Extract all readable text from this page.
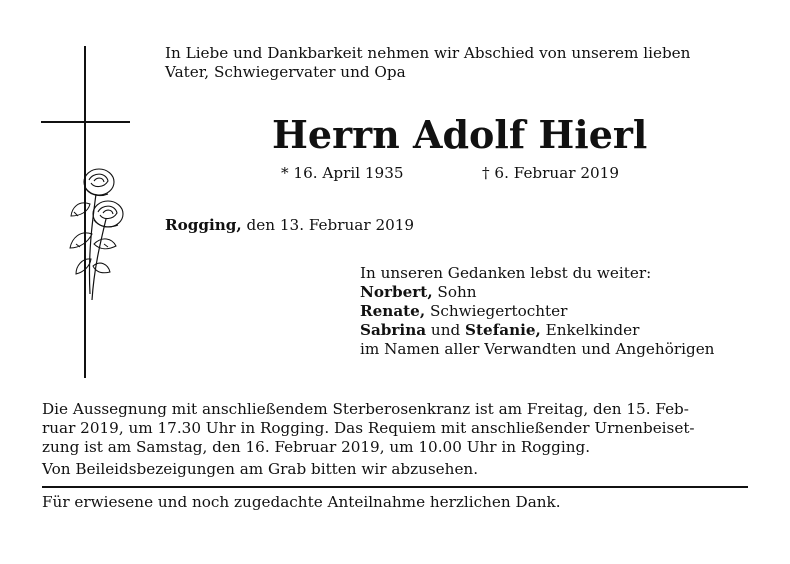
In Liebe und Dankbarkeit nehmen wir Abschied von unserem lieben
Vater, Schwiegervater und Opa
Herrn Adolf Hierl
* 16. April 1935	† 6. Februar 2019
Rogging, den 13. Februar 2019
In unseren Gedanken lebst du weiter:
Norbert, Sohn
Renate, Schwiegertochter
Sabrina und Stefanie, Enkelkinder
im Namen aller Verwandten und Angehörigen
Die Aussegnung mit anschließendem Sterberosenkranz ist am Freitag, den 15. Feb-
ruar 2019, um 17.30 Uhr in Rogging. Das Requiem mit anschließender Urnenbeiset-
zung ist am Samstag, den 16. Februar 2019, um 10.00 Uhr in Rogging.
Von Beileidsbezeigungen am Grab bitten wir abzusehen.
Für erwiesene und noch zugedachte Anteilnahme herzlichen Dank.
